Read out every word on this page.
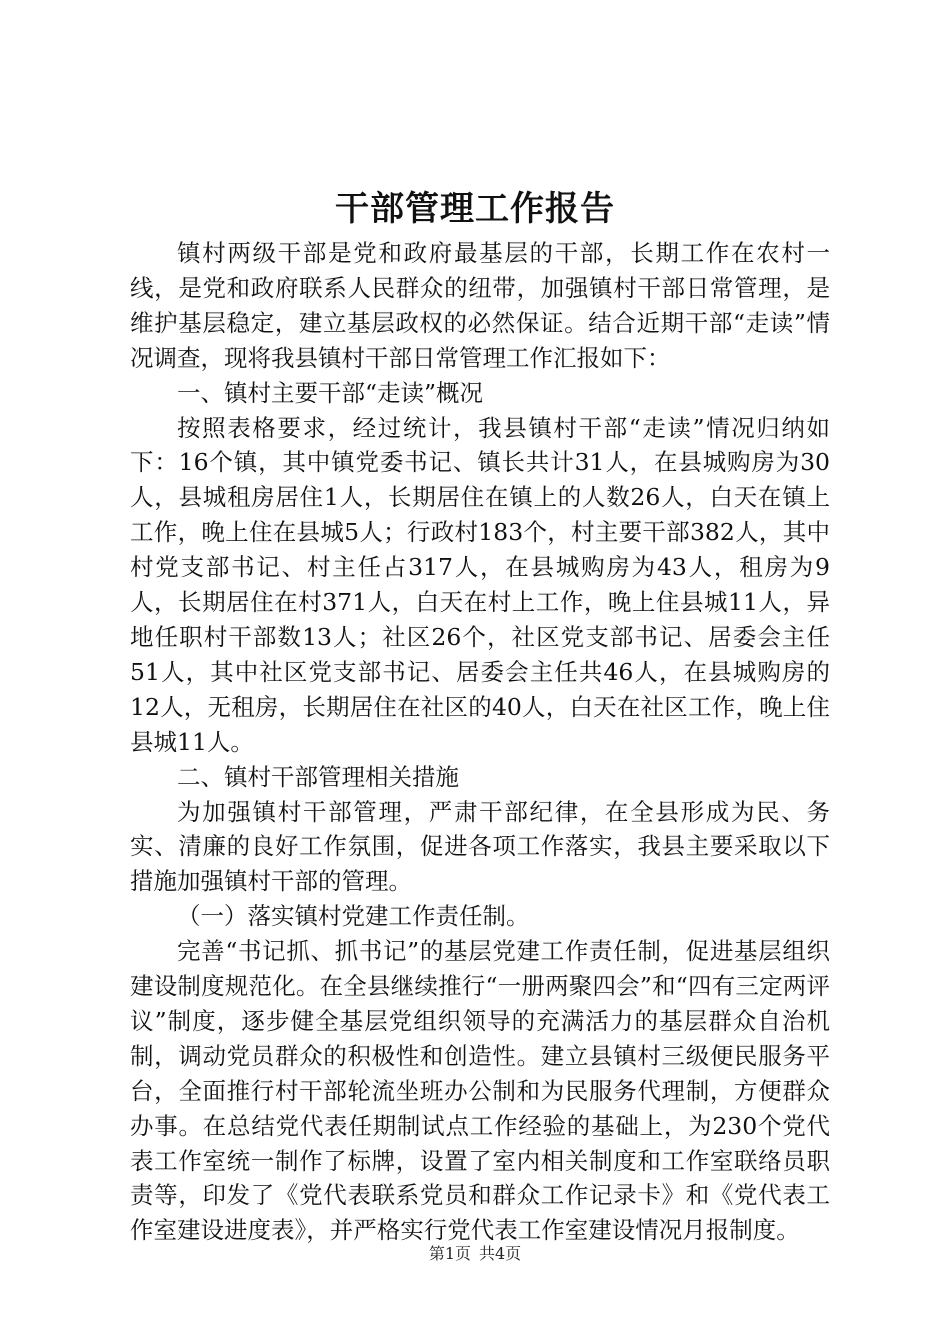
干部管理工作报告

镇村两级干部是党和政府最基层的干部，长期工作在农村一线，是党和政府联系人民群众的纽带，加强镇村干部日常管理，是维护基层稳定，建立基层政权的必然保证。结合近期干部“走读”情况调查，现将我县镇村干部日常管理工作汇报如下：

一、镇村主要干部“走读”概况

按照表格要求，经过统计，我县镇村干部“走读”情况归纳如下：16个镇，其中镇党委书记、镇长共计31人，在县城购房为30人，县城租房居住1人，长期居住在镇上的人数26人，白天在镇上工作，晚上住在县城5人；行政村183个，村主要干部382人，其中村党支部书记、村主任占317人，在县城购房为43人，租房为9人，长期居住在村371人，白天在村上工作，晚上住县城11人，异地任职村干部数13人；社区26个，社区党支部书记、居委会主任51人，其中社区党支部书记、居委会主任共46人，在县城购房的12人，无租房，长期居住在社区的40人，白天在社区工作，晚上住县城11人。

二、镇村干部管理相关措施

为加强镇村干部管理，严肃干部纪律，在全县形成为民、务实、清廉的良好工作氛围，促进各项工作落实，我县主要采取以下措施加强镇村干部的管理。

（一）落实镇村党建工作责任制。

完善“书记抓、抓书记”的基层党建工作责任制，促进基层组织建设制度规范化。在全县继续推行“一册两聚四会”和“四有三定两评议”制度，逐步健全基层党组织领导的充满活力的基层群众自治机制，调动党员群众的积极性和创造性。建立县镇村三级便民服务平台，全面推行村干部轮流坐班办公制和为民服务代理制，方便群众办事。在总结党代表任期制试点工作经验的基础上，为230个党代表工作室统一制作了标牌，设置了室内相关制度和工作室联络员职责等，印发了《党代表联系党员和群众工作记录卡》和《党代表工作室建设进度表》，并严格实行党代表工作室建设情况月报制度。

第1页 共4页
